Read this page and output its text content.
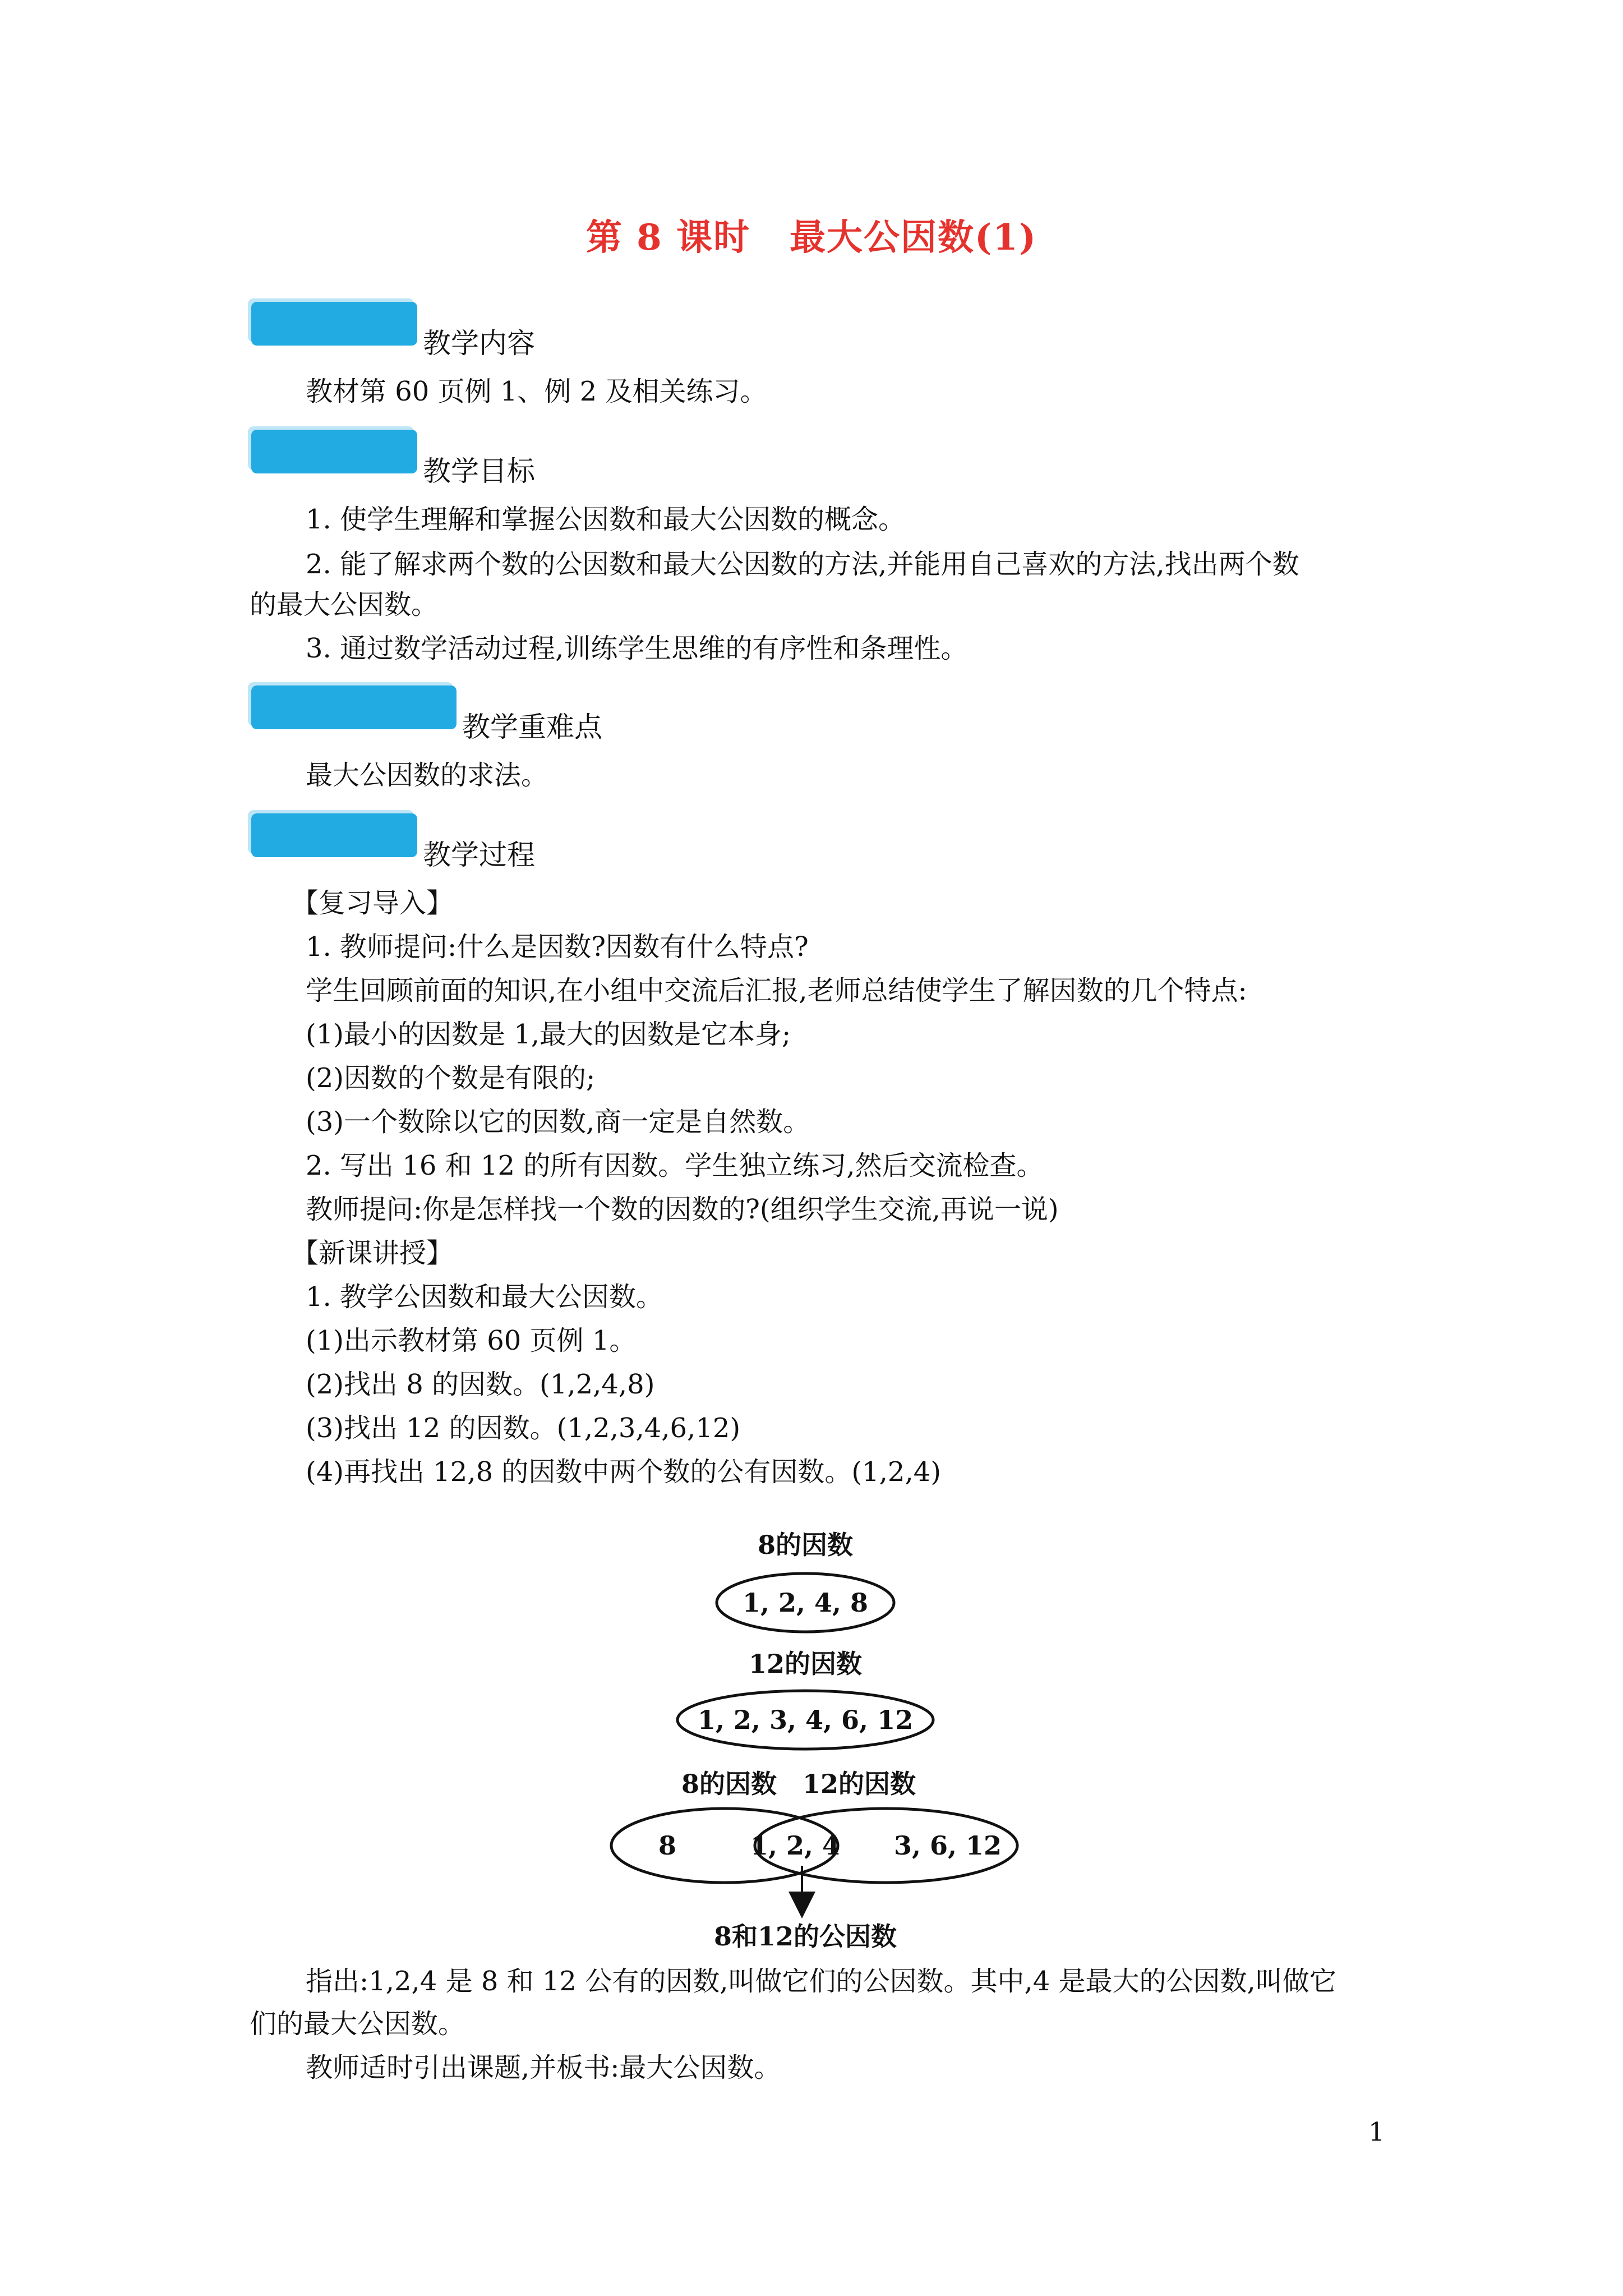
第 8 课时 最大公因数(1)
教学内容
教材第 60 页例 1、例 2 及相关练习。
教学目标
1. 使学生理解和掌握公因数和最大公因数的概念。
2. 能了解求两个数的公因数和最大公因数的方法,并能用自己喜欢的方法,找出两个数
的最大公因数。
3. 通过数学活动过程,训练学生思维的有序性和条理性。
教学重难点
最大公因数的求法。
教学过程
【复习导入】
1. 教师提问:什么是因数?因数有什么特点?
学生回顾前面的知识,在小组中交流后汇报,老师总结使学生了解因数的几个特点:
(1)最小的因数是 1,最大的因数是它本身;
(2)因数的个数是有限的;
(3)一个数除以它的因数,商一定是自然数。
2. 写出 16 和 12 的所有因数。学生独立练习,然后交流检查。
教师提问:你是怎样找一个数的因数的?(组织学生交流,再说一说)
【新课讲授】
1. 教学公因数和最大公因数。
(1)出示教材第 60 页例 1。
(2)找出 8 的因数。(1,2,4,8)
(3)找出 12 的因数。(1,2,3,4,6,12)
(4)再找出 12,8 的因数中两个数的公有因数。(1,2,4)
8的因数
1, 2, 4, 8
12的因数
1, 2, 3, 4, 6, 12
8的因数 12的因数
8	1, 2, 4 3, 6, 12
8和12的公因数
指出:1,2,4 是 8 和 12 公有的因数,叫做它们的公因数。其中,4 是最大的公因数,叫做它
们的最大公因数。
教师适时引出课题,并板书:最大公因数。
1
